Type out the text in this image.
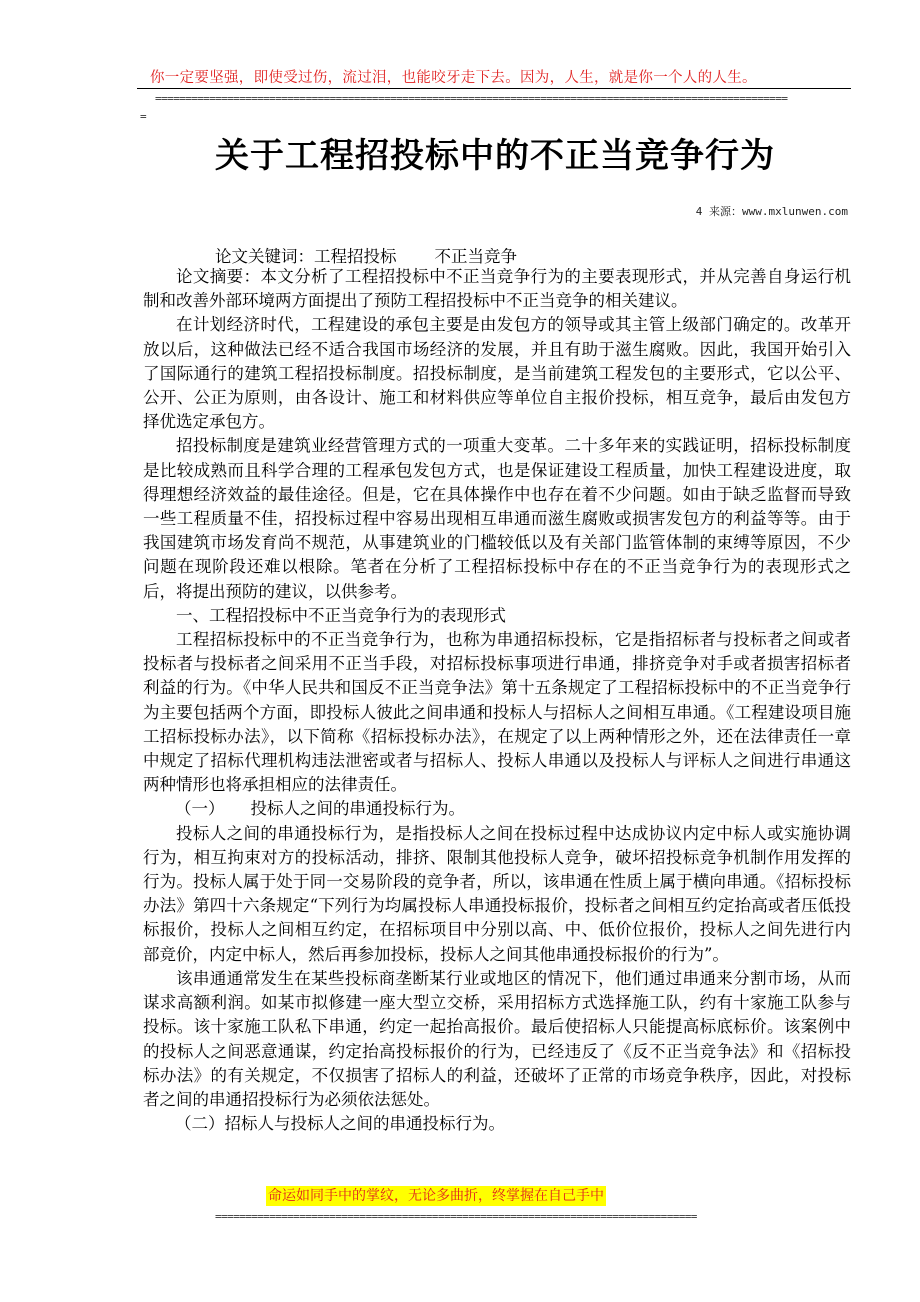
你一定要坚强，即使受过伤，流过泪，也能咬牙走下去。因为，人生，就是你一个人的人生。
=========================================================================================================
=
关于工程招投标中的不正当竞争行为
4 来源：www.mxlunwen.com
论文关键词：工程招投标 不正当竞争

论文摘要：本文分析了工程招投标中不正当竞争行为的主要表现形式，并从完善自身运行机制和改善外部环境两方面提出了预防工程招投标中不正当竞争的相关建议。

在计划经济时代，工程建设的承包主要是由发包方的领导或其主管上级部门确定的。改革开放以后，这种做法已经不适合我国市场经济的发展，并且有助于滋生腐败。因此，我国开始引入了国际通行的建筑工程招投标制度。招投标制度，是当前建筑工程发包的主要形式，它以公平、公开、公正为原则，由各设计、施工和材料供应等单位自主报价投标，相互竞争，最后由发包方择优选定承包方。

招投标制度是建筑业经营管理方式的一项重大变革。二十多年来的实践证明，招标投标制度是比较成熟而且科学合理的工程承包发包方式，也是保证建设工程质量，加快工程建设进度，取得理想经济效益的最佳途径。但是，它在具体操作中也存在着不少问题。如由于缺乏监督而导致一些工程质量不佳，招投标过程中容易出现相互串通而滋生腐败或损害发包方的利益等等。由于我国建筑市场发育尚不规范，从事建筑业的门槛较低以及有关部门监管体制的束缚等原因，不少问题在现阶段还难以根除。笔者在分析了工程招标投标中存在的不正当竞争行为的表现形式之后，将提出预防的建议，以供参考。

一、工程招投标中不正当竞争行为的表现形式

工程招标投标中的不正当竞争行为，也称为串通招标投标，它是指招标者与投标者之间或者投标者与投标者之间采用不正当手段，对招标投标事项进行串通，排挤竞争对手或者损害招标者利益的行为。《中华人民共和国反不正当竞争法》第十五条规定了工程招标投标中的不正当竞争行为主要包括两个方面，即投标人彼此之间串通和投标人与招标人之间相互串通。《工程建设项目施工招标投标办法》，以下简称《招标投标办法》，在规定了以上两种情形之外，还在法律责任一章中规定了招标代理机构违法泄密或者与招标人、投标人串通以及投标人与评标人之间进行串通这两种情形也将承担相应的法律责任。

（一） 投标人之间的串通投标行为。

投标人之间的串通投标行为，是指投标人之间在投标过程中达成协议内定中标人或实施协调行为，相互拘束对方的投标活动，排挤、限制其他投标人竞争，破坏招投标竞争机制作用发挥的行为。投标人属于处于同一交易阶段的竞争者，所以，该串通在性质上属于横向串通。《招标投标办法》第四十六条规定“下列行为均属投标人串通投标报价，投标者之间相互约定抬高或者压低投标报价，投标人之间相互约定，在招标项目中分别以高、中、低价位报价，投标人之间先进行内部竞价，内定中标人，然后再参加投标，投标人之间其他串通投标报价的行为”。

该串通通常发生在某些投标商垄断某行业或地区的情况下，他们通过串通来分割市场，从而谋求高额利润。如某市拟修建一座大型立交桥，采用招标方式选择施工队，约有十家施工队参与投标。该十家施工队私下串通，约定一起抬高报价。最后使招标人只能提高标底标价。该案例中的投标人之间恶意通谋，约定抬高投标报价的行为，已经违反了《反不正当竞争法》和《招标投标办法》的有关规定，不仅损害了招标人的利益，还破坏了正常的市场竞争秩序，因此，对投标者之间的串通招投标行为必须依法惩处。

（二）招标人与投标人之间的串通投标行为。

命运如同手中的掌纹，无论多曲折，终掌握在自己手中
================================================================================
